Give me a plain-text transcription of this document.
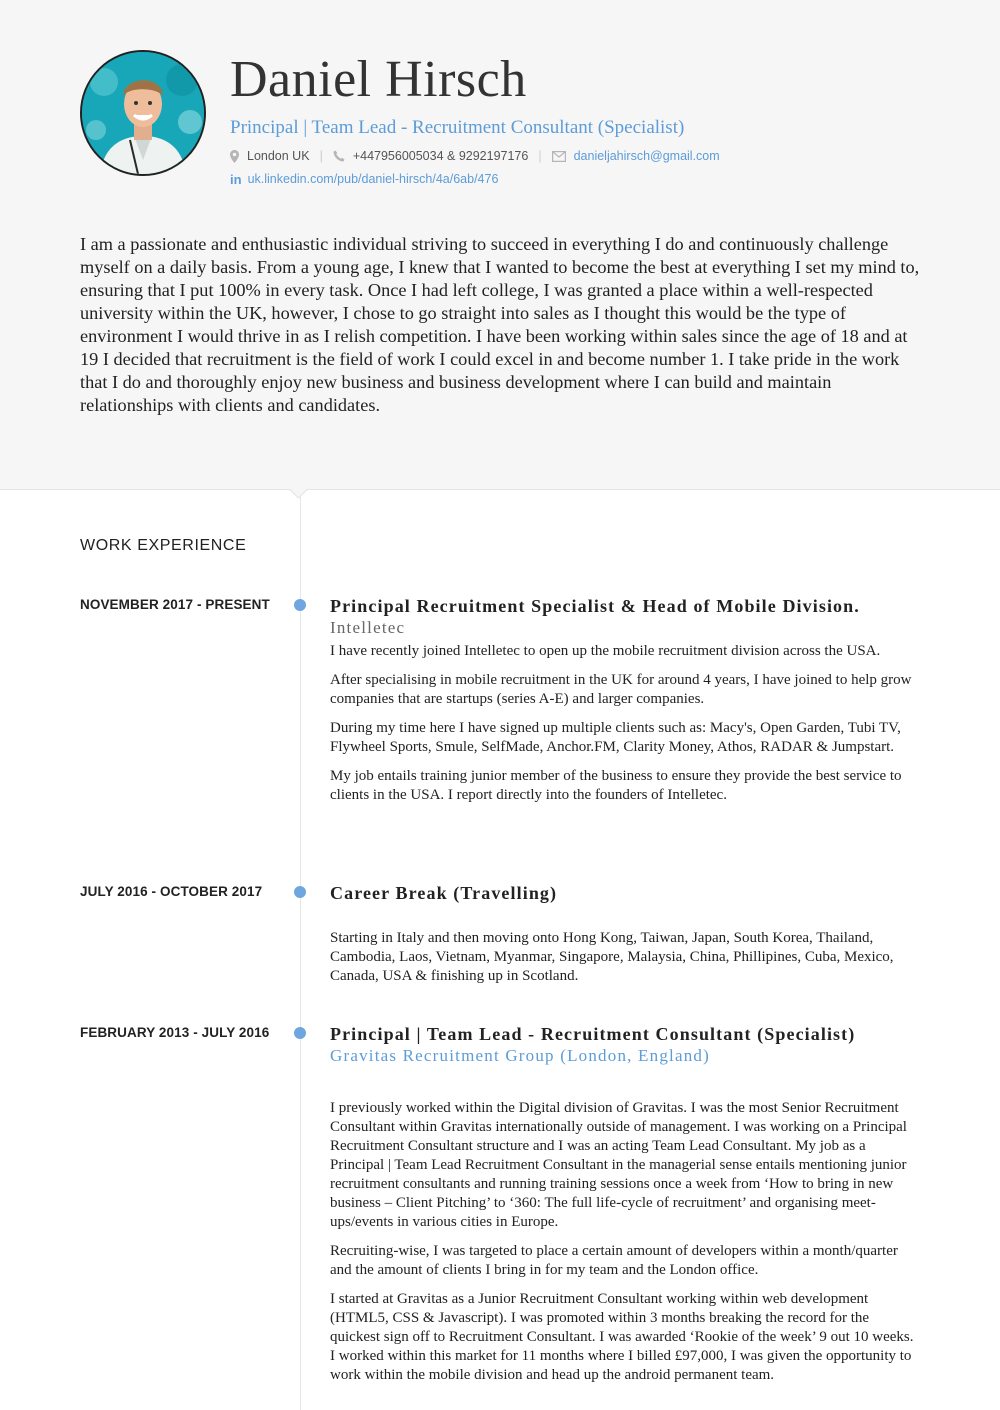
Daniel Hirsch
Principal | Team Lead - Recruitment Consultant (Specialist)
London UK | +447956005034 & 9292197176 |	danieljahirsch@gmail.com
in uk.linkedin.com/pub/daniel-hirsch/4a/6ab/476

I am a passionate and enthusiastic individual striving to succeed in everything I do and continuously challenge myself on a daily basis. From a young age, I knew that I wanted to become the best at everything I set my mind to, ensuring that I put 100% in every task. Once I had left college, I was granted a place within a well-respected university within the UK, however, I chose to go straight into sales as I thought this would be the type of environment I would thrive in as I relish competition. I have been working within sales since the age of 18 and at 19 I decided that recruitment is the field of work I could excel in and become number 1. I take pride in the work that I do and thoroughly enjoy new business and business development where I can build and maintain relationships with clients and candidates.

WORK EXPERIENCE
NOVEMBER 2017 - PRESENT	Principal Recruitment Specialist & Head of Mobile Division.
Intelletec

I have recently joined Intelletec to open up the mobile recruitment division across the USA.

After specialising in mobile recruitment in the UK for around 4 years, I have joined to help grow companies that are startups (series A-E) and larger companies.

During my time here I have signed up multiple clients such as: Macy's, Open Garden, Tubi TV, Flywheel Sports, Smule, SelfMade, Anchor.FM, Clarity Money, Athos, RADAR & Jumpstart.

My job entails training junior member of the business to ensure they provide the best service to clients in the USA. I report directly into the founders of Intelletec.

JULY 2016 - OCTOBER 2017	Career Break (Travelling)

Starting in Italy and then moving onto Hong Kong, Taiwan, Japan, South Korea, Thailand, Cambodia, Laos, Vietnam, Myanmar, Singapore, Malaysia, China, Phillipines, Cuba, Mexico, Canada, USA & finishing up in Scotland.

FEBRUARY 2013 - JULY 2016	Principal | Team Lead - Recruitment Consultant (Specialist)
Gravitas Recruitment Group (London, England)

I previously worked within the Digital division of Gravitas. I was the most Senior Recruitment Consultant within Gravitas internationally outside of management. I was working on a Principal Recruitment Consultant structure and I was an acting Team Lead Consultant. My job as a Principal | Team Lead Recruitment Consultant in the managerial sense entails mentioning junior recruitment consultants and running training sessions once a week from ‘How to bring in new business – Client Pitching’ to ‘360: The full life-cycle of recruitment’ and organising meet-ups/events in various cities in Europe.

Recruiting-wise, I was targeted to place a certain amount of developers within a month/quarter and the amount of clients I bring in for my team and the London office.

I started at Gravitas as a Junior Recruitment Consultant working within web development (HTML5, CSS & Javascript). I was promoted within 3 months breaking the record for the quickest sign off to Recruitment Consultant. I was awarded ‘Rookie of the week’ 9 out 10 weeks. I worked within this market for 11 months where I billed £97,000, I was given the opportunity to work within the mobile division and head up the android permanent team.
